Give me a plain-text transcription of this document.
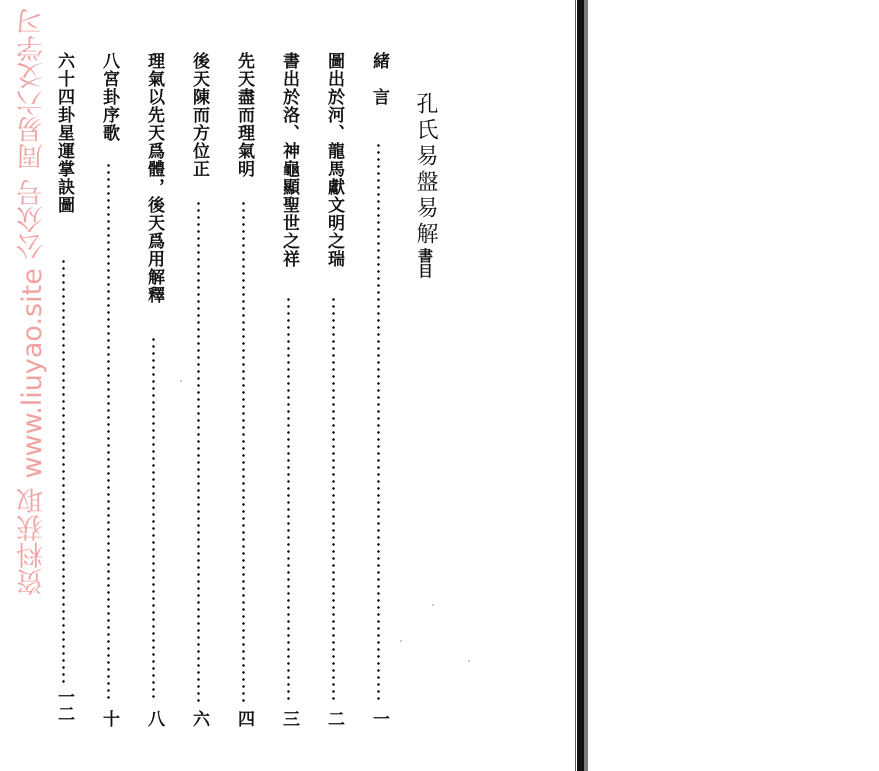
孔氏易盤易解書目
緒　言
一
圖出於河、龍馬獻文明之瑞
二
書出於洛、神龜顯聖世之祥
三
先天盡而理氣明
四
後天陳而方位正
六
理氣以先天爲體，後天爲用解釋
八
八宮卦序歌
十
六十四卦星運掌訣圖
一二
资料获取 www.liuyao.site 公众号 周易六爻学习
